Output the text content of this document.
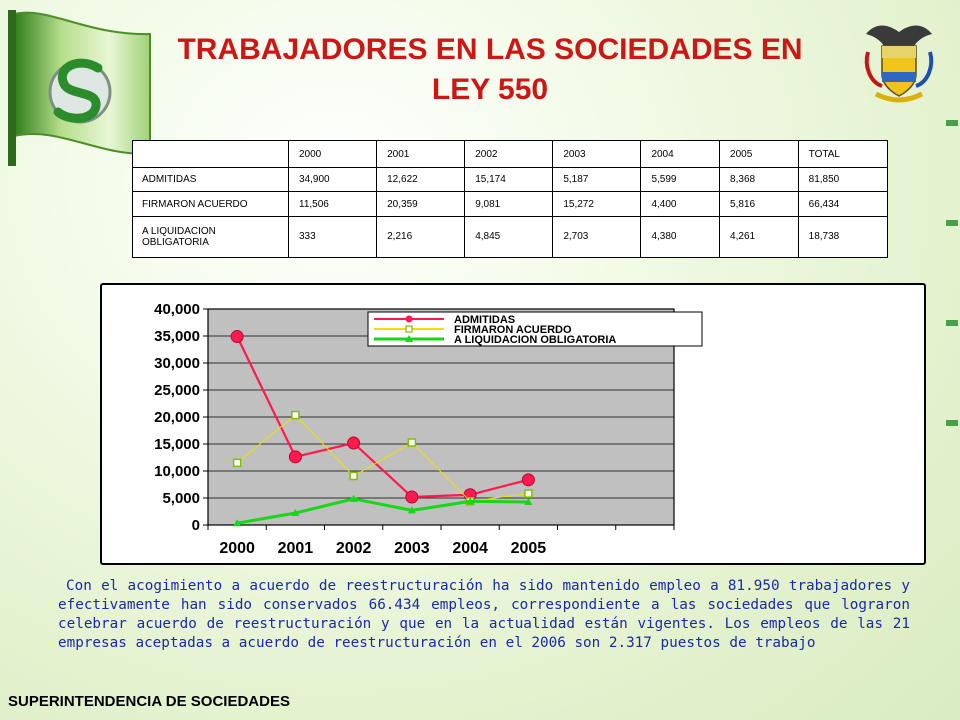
TRABAJADORES EN LAS SOCIEDADES EN LEY 550
	2000	2001	2002	2003	2004	2005	TOTAL
ADMITIDAS	34,900	12,622	15,174	5,187	5,599	8,368	81,850
FIRMARON ACUERDO	11,506	20,359	9,081	15,272	4,400	5,816	66,434
A LIQUIDACION OBLIGATORIA	333	2,216	4,845	2,703	4,380	4,261	18,738
40,000
35,000
30,000
25,000
20,000
15,000
10,000
5,000
0
2000 2001 2002 2003 2004 2005
ADMITIDAS
FIRMARON ACUERDO
A LIQUIDACION OBLIGATORIA
Con el acogimiento a acuerdo de reestructuración ha sido mantenido empleo a 81.950 trabajadores y efectivamente han sido conservados 66.434 empleos, correspondiente a las sociedades que lograron celebrar acuerdo de reestructuración y que en la actualidad están vigentes. Los empleos de las 21 empresas aceptadas a acuerdo de reestructuración en el 2006 son 2.317 puestos de trabajo
SUPERINTENDENCIA DE SOCIEDADES
